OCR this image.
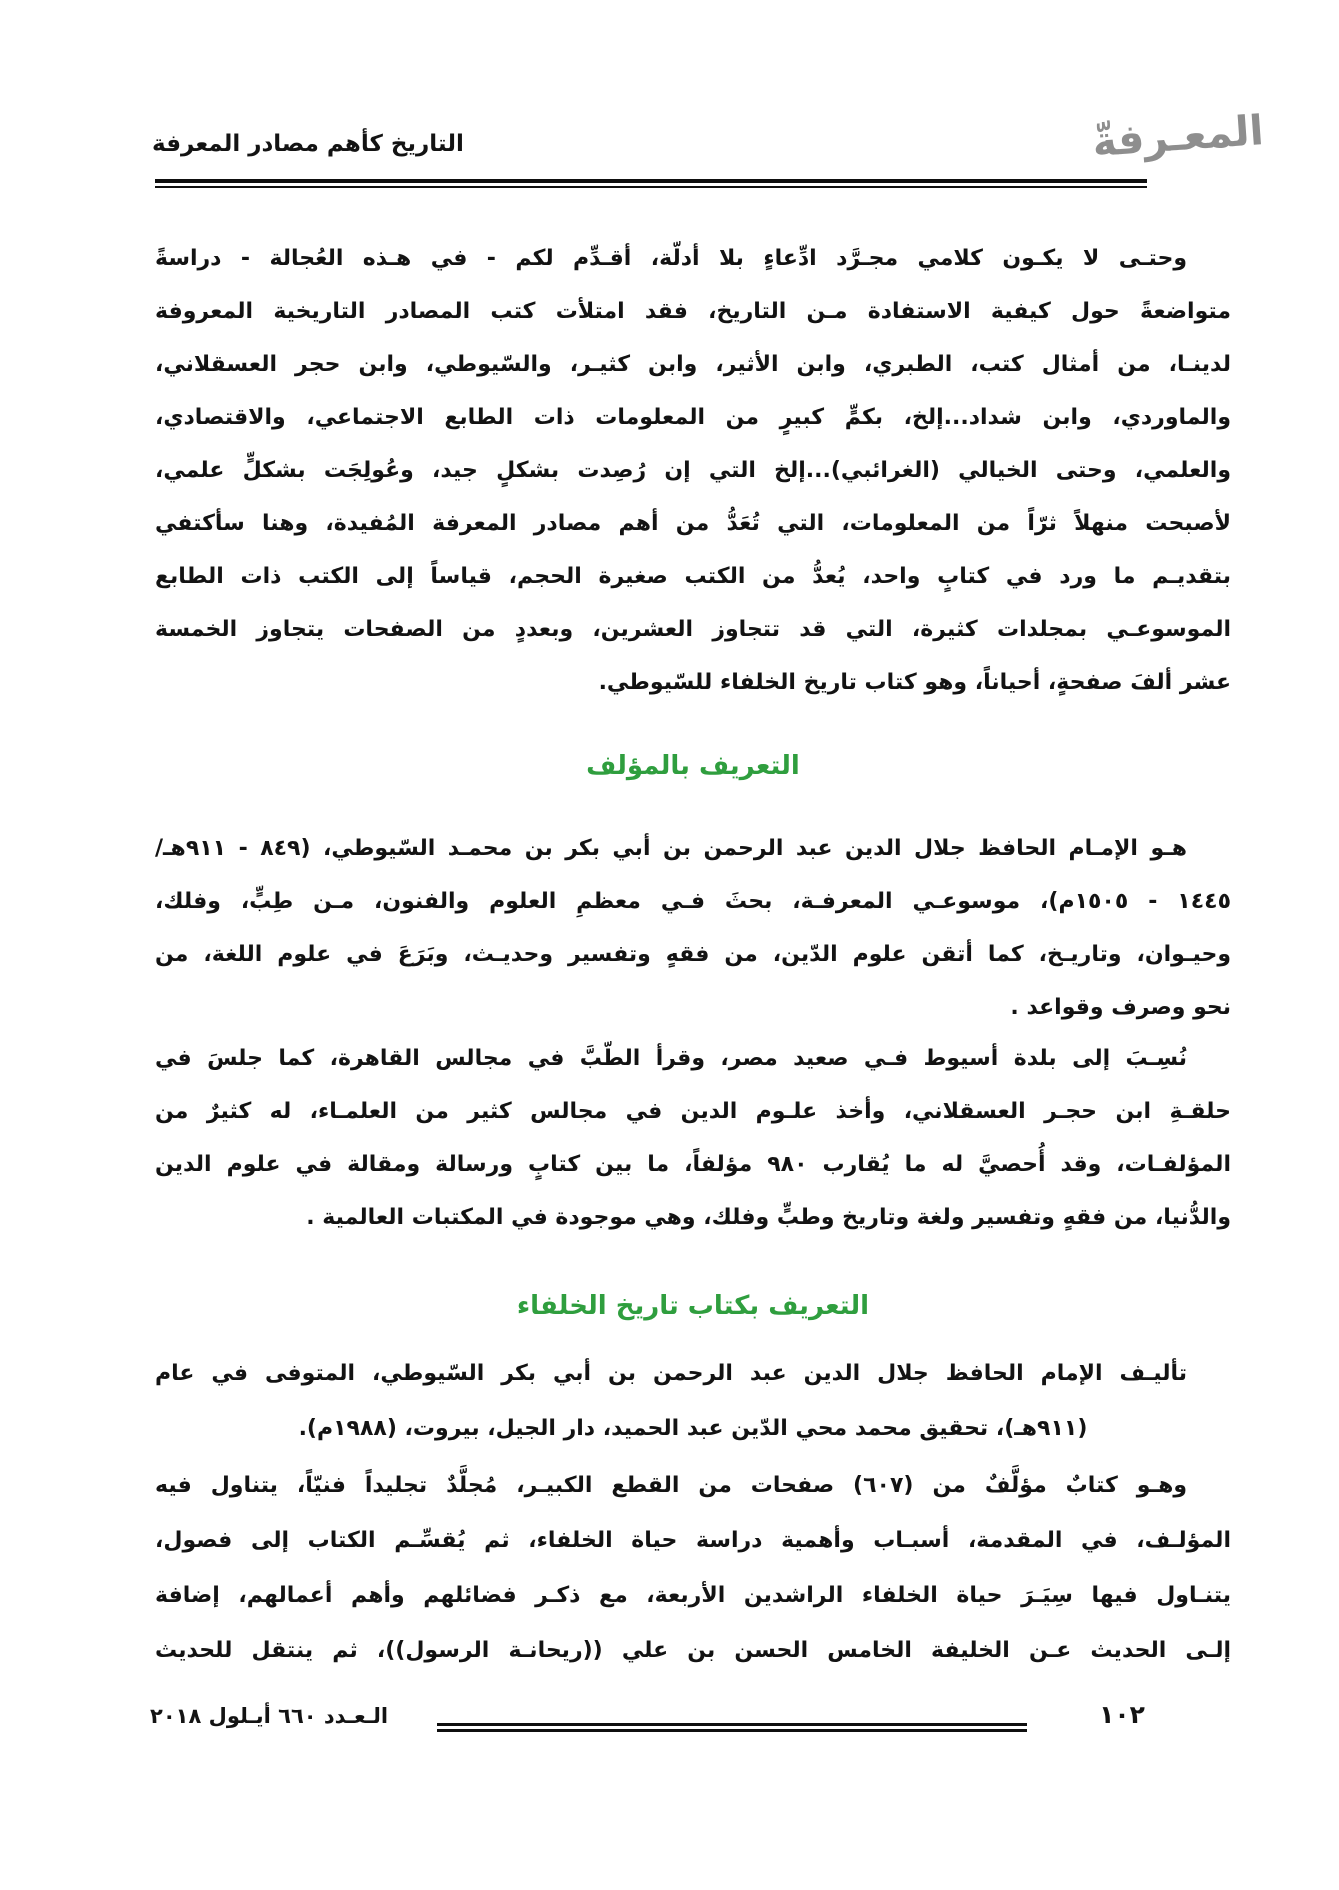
التاريخ كأهم مصادر المعرفة	المعـرفةّ
وحتـى لا يكـون كلامي مجـرَّد ادِّعاءٍ بلا أدلّة، أقـدِّم لكم - في هـذه العُجالة - دراسةً
متواضعةً حول كيفية الاستفادة مـن التاريخ، فقد امتلأت كتب المصادر التاريخية المعروفة
لدينـا، من أمثال كتب، الطبري، وابن الأثير، وابن كثيـر، والسّيوطي، وابن حجر العسقلاني،
والماوردي، وابن شداد...إلخ، بكمٍّ كبيرٍ من المعلومات ذات الطابع الاجتماعي، والاقتصادي،
والعلمي، وحتى الخيالي (الغرائبي)...إلخ التي إن رُصِدت بشكلٍ جيد، وعُولِجَت بشكلٍّ علمي،
لأصبحت منهلاً ثرّاً من المعلومات، التي تُعَدُّ من أهم مصادر المعرفة المُفيدة، وهنا سأكتفي
بتقديـم ما ورد في كتابٍ واحد، يُعدُّ من الكتب صغيرة الحجم، قياساً إلى الكتب ذات الطابع
الموسوعـي بمجلدات كثيرة، التي قد تتجاوز العشرين، وبعددٍ من الصفحات يتجاوز الخمسة
عشر ألفَ صفحةٍ، أحياناً، وهو كتاب تاريخ الخلفاء للسّيوطي.
التعريف بالمؤلف
هـو الإمـام الحافظ جلال الدين عبد الرحمن بن أبي بكر بن محمـد السّيوطي، (٨٤٩ - ٩١١هـ/
١٤٤٥ - ١٥٠٥م)، موسوعـي المعرفـة، بحثَ فـي معظمِ العلوم والفنون، مـن طِبٍّ، وفلك،
وحيـوان، وتاريـخ، كما أتقن علوم الدّين، من فقهٍ وتفسير وحديـث، وبَرَعَ في علوم اللغة، من
نحو وصرف وقواعد .
نُسِـبَ إلى بلدة أسيوط فـي صعيد مصر، وقرأ الطّبَّ في مجالس القاهرة، كما جلسَ في
حلقـةِ ابن حجـر العسقلاني، وأخذ علـوم الدين في مجالس كثير من العلمـاء، له كثيرٌ من
المؤلفـات، وقد أُحصيَّ له ما يُقارب ٩٨٠ مؤلفاً، ما بين كتابٍ ورسالة ومقالة في علوم الدين
والدُّنيا، من فقهٍ وتفسير ولغة وتاريخ وطبٍّ وفلك، وهي موجودة في المكتبات العالمية .
التعريف بكتاب تاريخ الخلفاء
تأليـف الإمام الحافظ جلال الدين عبد الرحمن بن أبي بكر السّيوطي، المتوفى في عام
(٩١١هـ)، تحقيق محمد محي الدّين عبد الحميد، دار الجيل، بيروت، (١٩٨٨م).
وهـو كتابٌ مؤلَّفٌ من (٦٠٧) صفحات من القطع الكبيـر، مُجلَّدٌ تجليداً فنيّاً، يتناول فيه
المؤلـف، في المقدمة، أسبـاب وأهمية دراسة حياة الخلفاء، ثم يُقسِّـم الكتاب إلى فصول،
يتنـاول فيها سِيَـرَ حياة الخلفاء الراشدين الأربعة، مع ذكـر فضائلهم وأهم أعمالهم، إضافة
إلـى الحديث عـن الخليفة الخامس الحسن بن علي ((ريحانـة الرسول))، ثم ينتقل للحديث
الـعـدد ٦٦٠ أيـلول ٢٠١٨	١٠٢
